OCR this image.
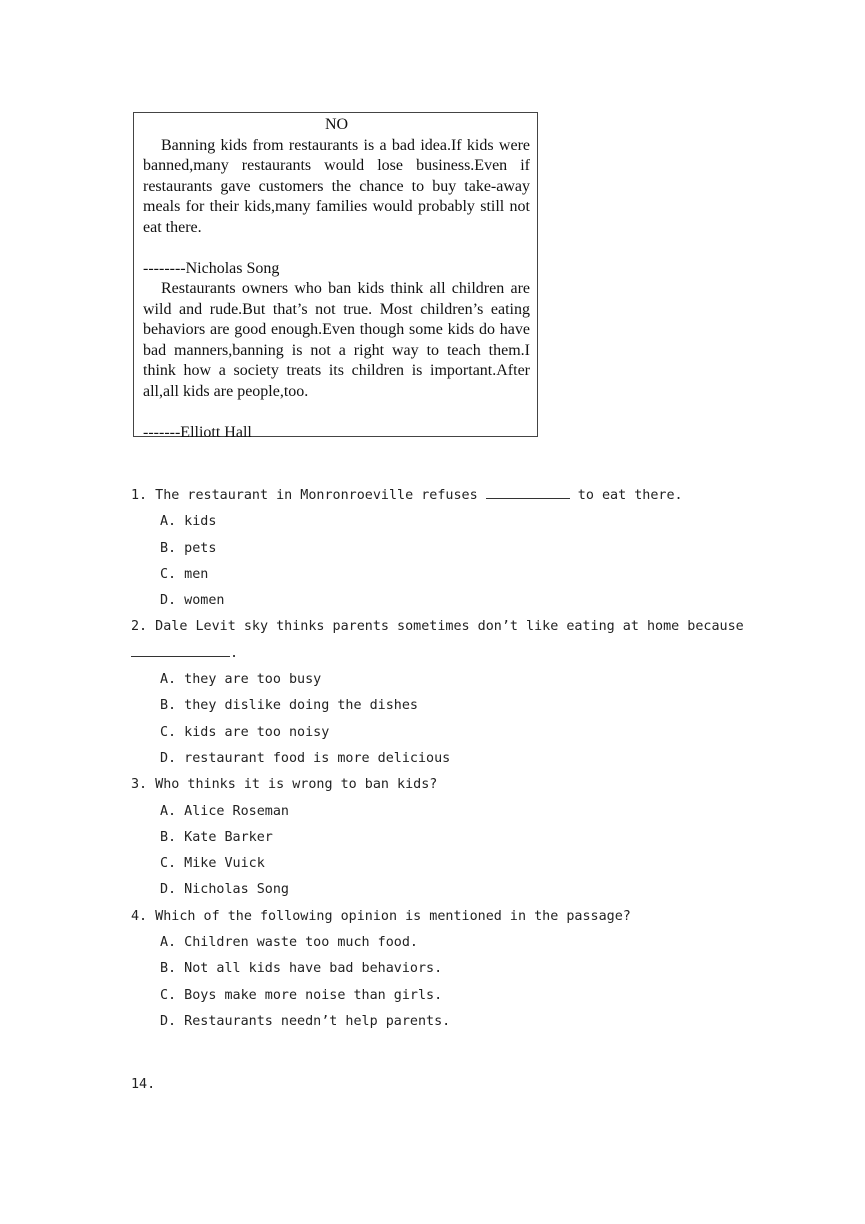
NO

Banning kids from restaurants is a bad idea.If kids were banned,many restaurants would lose business.Even if restaurants gave customers the chance to buy take-away meals for their kids,many families would probably still not eat there.

--------Nicholas Song

Restaurants owners who ban kids think all children are wild and rude.But that’s not true. Most children’s eating behaviors are good enough.Even though some kids do have bad manners,banning is not a right way to teach them.I think how a society treats its children is important.After all,all kids are people,too.

-------Elliott Hall

1. The restaurant in Monronroeville refuses	to eat there.
A. kids
B. pets
C. men
D. women
2. Dale Levit sky thinks parents sometimes don’t like eating at home because
.
A. they are too busy
B. they dislike doing the dishes
C. kids are too noisy
D. restaurant food is more delicious
3. Who thinks it is wrong to ban kids?
A. Alice Roseman
B. Kate Barker
C. Mike Vuick
D. Nicholas Song
4. Which of the following opinion is mentioned in the passage?
A. Children waste too much food.
B. Not all kids have bad behaviors.
C. Boys make more noise than girls.
D. Restaurants needn’t help parents.
14.
